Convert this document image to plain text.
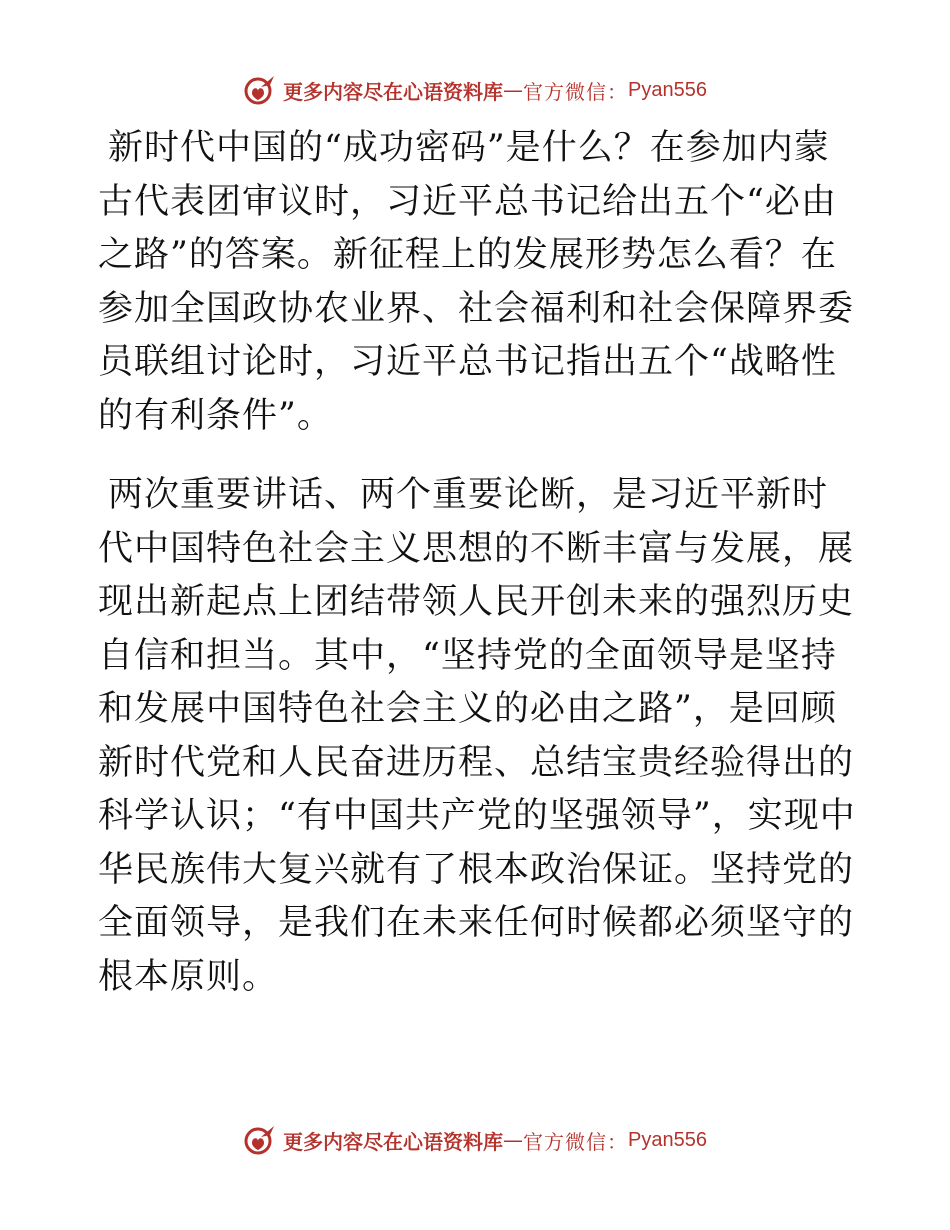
更多内容尽在心语资料库 — 官方微信： Pyan556

新时代中国的“成功密码”是什么？在参加内蒙古代表团审议时，习近平总书记给出五个“必由之路”的答案。新征程上的发展形势怎么看？在参加全国政协农业界、社会福利和社会保障界委员联组讨论时，习近平总书记指出五个“战略性的有利条件”。

两次重要讲话、两个重要论断，是习近平新时代中国特色社会主义思想的不断丰富与发展，展现出新起点上团结带领人民开创未来的强烈历史自信和担当。其中，“坚持党的全面领导是坚持和发展中国特色社会主义的必由之路”，是回顾新时代党和人民奋进历程、总结宝贵经验得出的科学认识；“有中国共产党的坚强领导”，实现中华民族伟大复兴就有了根本政治保证。坚持党的全面领导，是我们在未来任何时候都必须坚守的根本原则。

更多内容尽在心语资料库 — 官方微信： Pyan556
